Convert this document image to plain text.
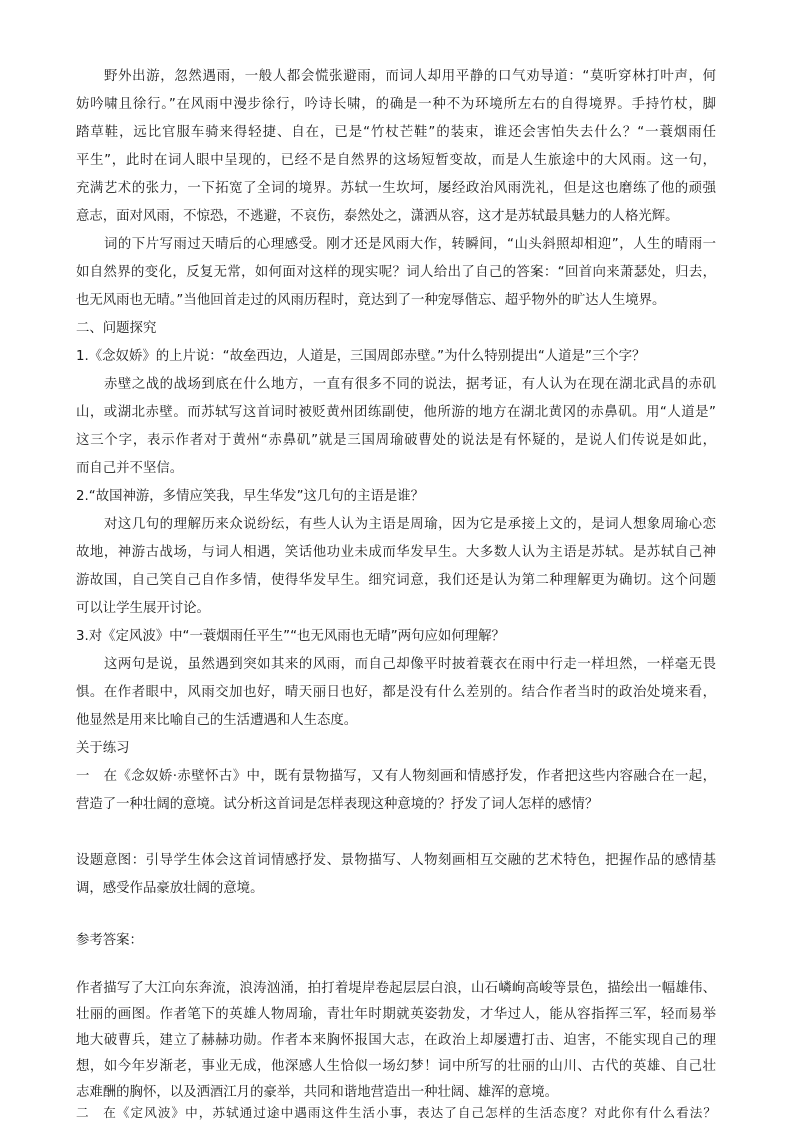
野外出游，忽然遇雨，一般人都会慌张避雨，而词人却用平静的口气劝导道：“莫听穿林打叶声，何
妨吟啸且徐行。”在风雨中漫步徐行，吟诗长啸，的确是一种不为环境所左右的自得境界。手持竹杖，脚
踏草鞋，远比官服车骑来得轻捷、自在，已是“竹杖芒鞋”的装束，谁还会害怕失去什么？“一蓑烟雨任
平生”，此时在词人眼中呈现的，已经不是自然界的这场短暂变故，而是人生旅途中的大风雨。这一句，
充满艺术的张力，一下拓宽了全词的境界。苏轼一生坎坷，屡经政治风雨洗礼，但是这也磨练了他的顽强
意志，面对风雨，不惊恐，不逃避，不哀伤，泰然处之，潇洒从容，这才是苏轼最具魅力的人格光辉。
词的下片写雨过天晴后的心理感受。刚才还是风雨大作，转瞬间，“山头斜照却相迎”，人生的晴雨一
如自然界的变化，反复无常，如何面对这样的现实呢？词人给出了自己的答案：“回首向来萧瑟处，归去，
也无风雨也无晴。”当他回首走过的风雨历程时，竟达到了一种宠辱偕忘、超乎物外的旷达人生境界。
二、问题探究
1.《念奴娇》的上片说：“故垒西边，人道是，三国周郎赤壁。”为什么特别提出“人道是”三个字？
赤壁之战的战场到底在什么地方，一直有很多不同的说法，据考证，有人认为在现在湖北武昌的赤矶
山，或湖北赤壁。而苏轼写这首词时被贬黄州团练副使，他所游的地方在湖北黄冈的赤鼻矶。用“人道是”
这三个字，表示作者对于黄州“赤鼻矶”就是三国周瑜破曹处的说法是有怀疑的，是说人们传说是如此，
而自己并不坚信。
2.“故国神游，多情应笑我，早生华发”这几句的主语是谁？
对这几句的理解历来众说纷纭，有些人认为主语是周瑜，因为它是承接上文的，是词人想象周瑜心恋
故地，神游古战场，与词人相遇，笑话他功业未成而华发早生。大多数人认为主语是苏轼。是苏轼自己神
游故国，自己笑自己自作多情，使得华发早生。细究词意，我们还是认为第二种理解更为确切。这个问题
可以让学生展开讨论。
3.对《定风波》中“一蓑烟雨任平生”“也无风雨也无晴”两句应如何理解？
这两句是说，虽然遇到突如其来的风雨，而自己却像平时披着蓑衣在雨中行走一样坦然，一样毫无畏
惧。在作者眼中，风雨交加也好，晴天丽日也好，都是没有什么差别的。结合作者当时的政治处境来看，
他显然是用来比喻自己的生活遭遇和人生态度。
关于练习
一　在《念奴娇·赤壁怀古》中，既有景物描写，又有人物刻画和情感抒发，作者把这些内容融合在一起，
营造了一种壮阔的意境。试分析这首词是怎样表现这种意境的？抒发了词人怎样的感情？
设题意图：引导学生体会这首词情感抒发、景物描写、人物刻画相互交融的艺术特色，把握作品的感情基
调，感受作品豪放壮阔的意境。
参考答案：
作者描写了大江向东奔流，浪涛汹涌，拍打着堤岸卷起层层白浪，山石嶙峋高峻等景色，描绘出一幅雄伟、
壮丽的画图。作者笔下的英雄人物周瑜，青壮年时期就英姿勃发，才华过人，能从容指挥三军，轻而易举
地大破曹兵，建立了赫赫功勋。作者本来胸怀报国大志，在政治上却屡遭打击、迫害，不能实现自己的理
想，如今年岁渐老，事业无成，他深感人生恰似一场幻梦！词中所写的壮丽的山川、古代的英雄、自己壮
志难酬的胸怀，以及洒酒江月的豪举，共同和谐地营造出一种壮阔、雄浑的意境。
二　在《定风波》中，苏轼通过途中遇雨这件生活小事，表达了自己怎样的生活态度？对此你有什么看法？
